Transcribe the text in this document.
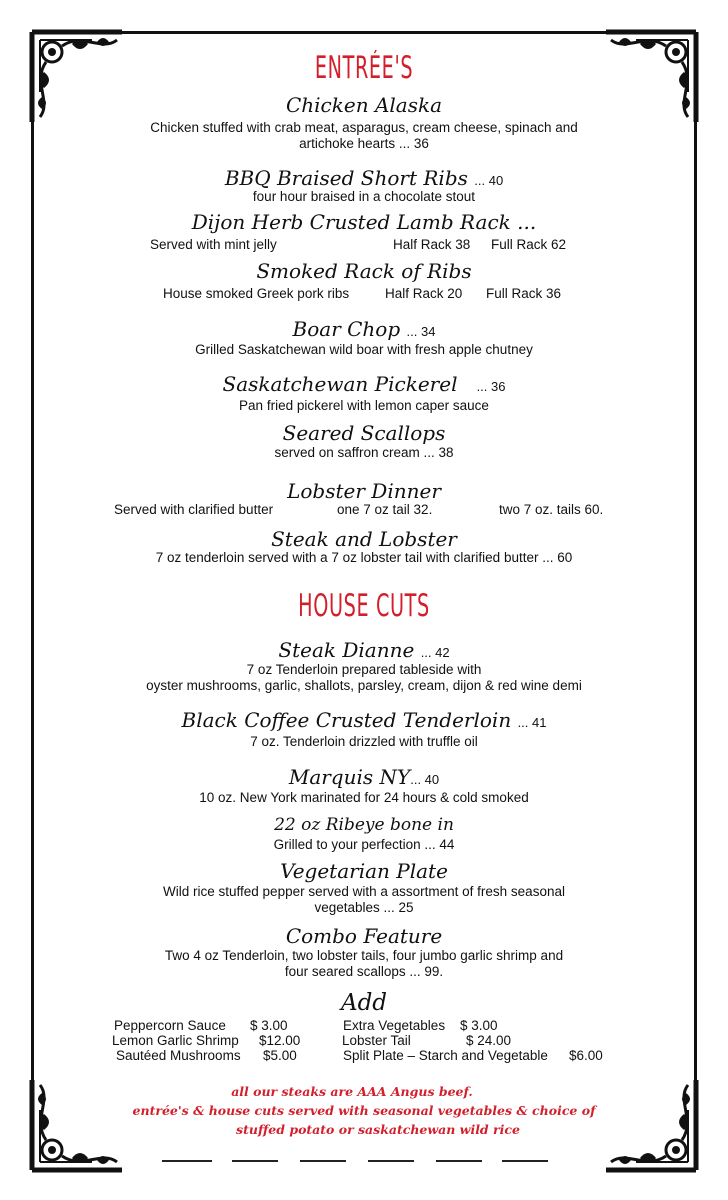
ENTRÉE'S
Chicken Alaska
Chicken stuffed with crab meat, asparagus, cream cheese, spinach and
artichoke hearts ... 36
BBQ Braised Short Ribs ... 40
four hour braised in a chocolate stout
Dijon Herb Crusted Lamb Rack ...
Served with mint jelly	Half Rack 38 Full Rack 62
Smoked Rack of Ribs
House smoked Greek pork ribs	Half Rack 20 Full Rack 36
Boar Chop ... 34
Grilled Saskatchewan wild boar with fresh apple chutney
Saskatchewan Pickerel ... 36
Pan fried pickerel with lemon caper sauce
Seared Scallops
served on saffron cream ... 38
Lobster Dinner
Served with clarified butter	one 7 oz tail 32.	two 7 oz. tails 60.
Steak and Lobster
7 oz tenderloin served with a 7 oz lobster tail with clarified butter ... 60
HOUSE CUTS
Steak Dianne ... 42
7 oz Tenderloin prepared tableside with
oyster mushrooms, garlic, shallots, parsley, cream, dijon & red wine demi
Black Coffee Crusted Tenderloin ... 41
7 oz. Tenderloin drizzled with truffle oil
Marquis NY... 40
10 oz. New York marinated for 24 hours & cold smoked
22 oz Ribeye bone in
Grilled to your perfection ... 44
Vegetarian Plate
Wild rice stuffed pepper served with a assortment of fresh seasonal
vegetables ... 25
Combo Feature
Two 4 oz Tenderloin, two lobster tails, four jumbo garlic shrimp and
four seared scallops ... 99.
Add
Peppercorn Sauce $ 3.00
Lemon Garlic Shrimp $12.00
Sautéed Mushrooms $5.00
Extra Vegetables $ 3.00
Lobster Tail	$ 24.00
Split Plate – Starch and Vegetable $6.00
all our steaks are AAA Angus beef.
entrée's & house cuts served with seasonal vegetables & choice of
stuffed potato or saskatchewan wild rice
